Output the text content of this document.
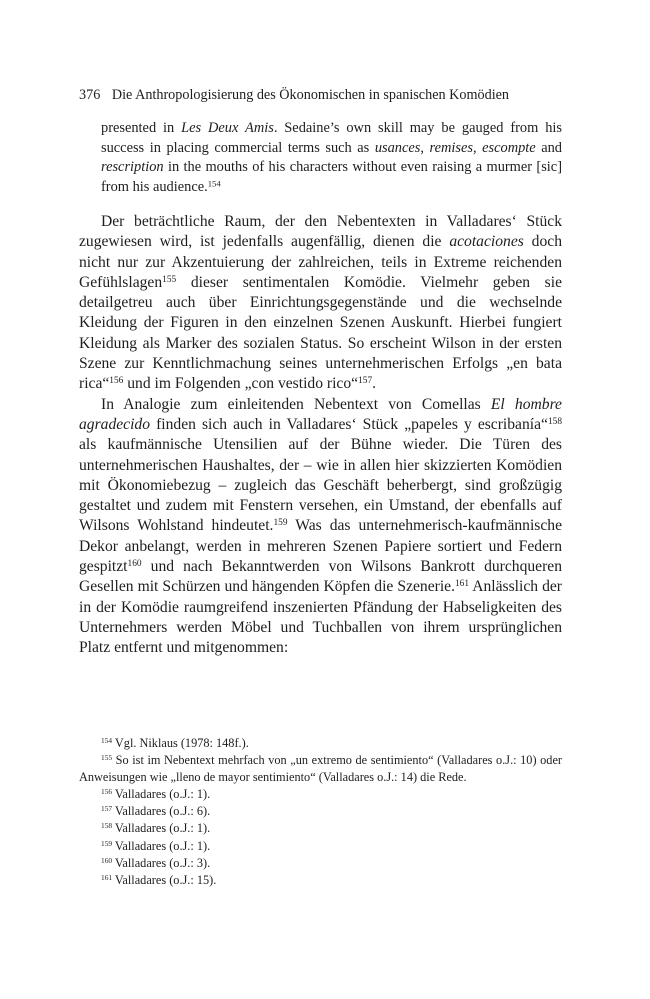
376 Die Anthropologisierung des Ökonomischen in spanischen Komödien
presented in Les Deux Amis. Sedaine’s own skill may be gauged from his success in placing commercial terms such as usances, remises, escompte and rescription in the mouths of his characters without even raising a murmer [sic] from his audience.$^{154}$

Der beträchtliche Raum, der den Nebentexten in Valladares‘ Stück zugewiesen wird, ist jedenfalls augenfällig, dienen die acotaciones doch nicht nur zur Akzentuierung der zahlreichen, teils in Extreme reichenden Gefühlslagen$^{155}$ dieser sentimentalen Komödie. Vielmehr geben sie detailgetreu auch über Einrichtungsgegenstände und die wechselnde Kleidung der Figuren in den einzelnen Szenen Auskunft. Hierbei fungiert Kleidung als Marker des sozialen Status. So erscheint Wilson in der ersten Szene zur Kenntlichmachung seines unternehmerischen Erfolgs „en bata rica“$^{156}$ und im Folgenden „con vestido rico“$^{157}$.

In Analogie zum einleitenden Nebentext von Comellas El hombre agradecido finden sich auch in Valladares‘ Stück „papeles y escribanía“$^{158}$ als kaufmännische Utensilien auf der Bühne wieder. Die Türen des unternehmerischen Haushaltes, der – wie in allen hier skizzierten Komödien mit Ökonomiebezug – zugleich das Geschäft beherbergt, sind großzügig gestaltet und zudem mit Fenstern versehen, ein Umstand, der ebenfalls auf Wilsons Wohlstand hindeutet.$^{159}$ Was das unternehmerisch-kaufmännische Dekor anbelangt, werden in mehreren Szenen Papiere sortiert und Federn gespitzt$^{160}$ und nach Bekanntwerden von Wilsons Bankrott durchqueren Gesellen mit Schürzen und hängenden Köpfen die Szenerie.$^{161}$ Anlässlich der in der Komödie raumgreifend inszenierten Pfändung der Habseligkeiten des Unternehmers werden Möbel und Tuchballen von ihrem ursprünglichen Platz entfernt und mitgenommen:

$^{154}$ Vgl. Niklaus (1978: 148f.).

$^{155}$ So ist im Nebentext mehrfach von „un extremo de sentimiento“ (Valladares o.J.: 10) oder Anweisungen wie „lleno de mayor sentimiento“ (Valladares o.J.: 14) die Rede.

$^{156}$ Valladares (o.J.: 1).

$^{157}$ Valladares (o.J.: 6).

$^{158}$ Valladares (o.J.: 1).

$^{159}$ Valladares (o.J.: 1).

$^{160}$ Valladares (o.J.: 3).

$^{161}$ Valladares (o.J.: 15).
